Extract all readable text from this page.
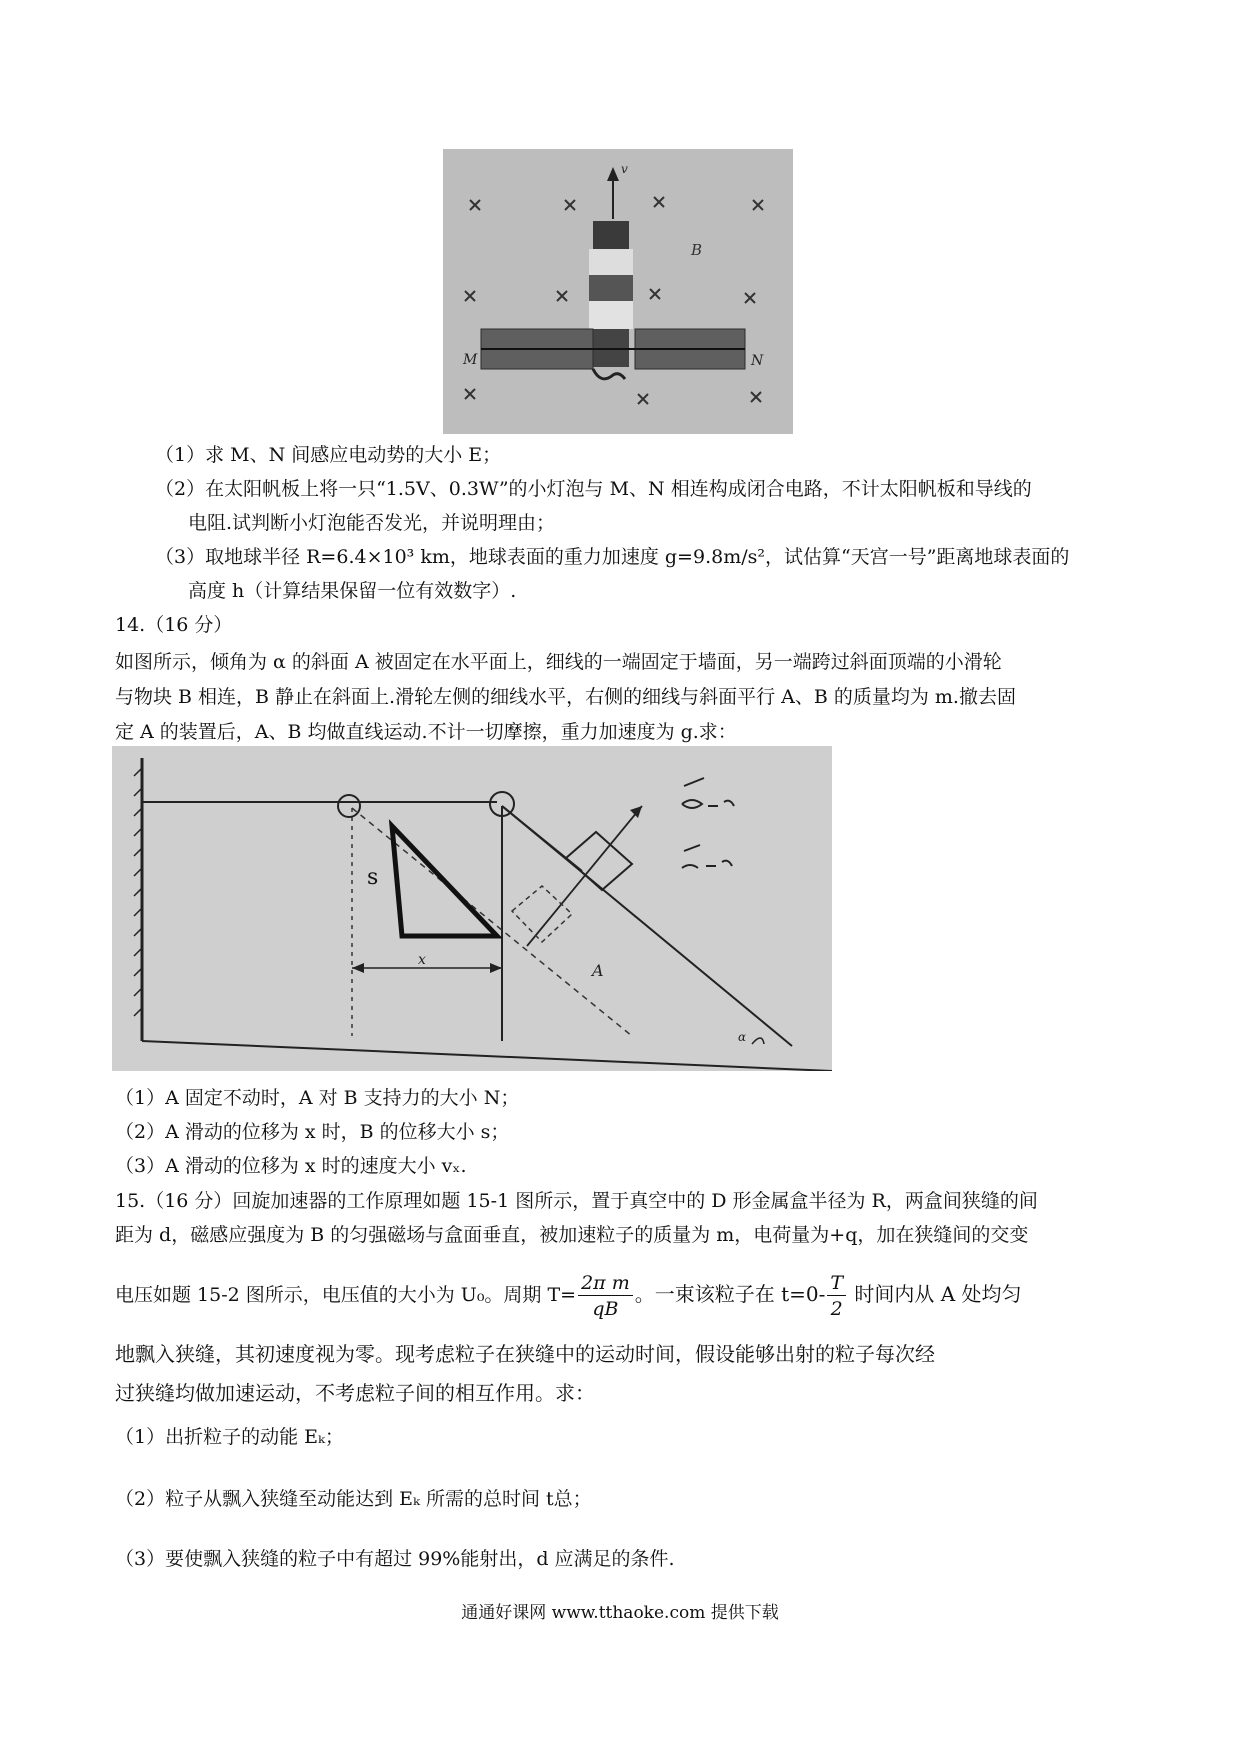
v
B
M	N
（1）求 M、N 间感应电动势的大小 E；
（2）在太阳帆板上将一只“1.5V、0.3W”的小灯泡与 M、N 相连构成闭合电路，不计太阳帆板和导线的
电阻.试判断小灯泡能否发光，并说明理由；
（3）取地球半径 R=6.4×10³ km，地球表面的重力加速度 g=9.8m/s²，试估算“天宫一号”距离地球表面的
高度 h（计算结果保留一位有效数字）.
14.（16 分）
如图所示，倾角为 α 的斜面 A 被固定在水平面上，细线的一端固定于墙面，另一端跨过斜面顶端的小滑轮
与物块 B 相连，B 静止在斜面上.滑轮左侧的细线水平，右侧的细线与斜面平行 A、B 的质量均为 m.撤去固
定 A 的装置后，A、B 均做直线运动.不计一切摩擦，重力加速度为 g.求：
s
x
A
α
（1）A 固定不动时，A 对 B 支持力的大小 N；
（2）A 滑动的位移为 x 时，B 的位移大小 s；
（3）A 滑动的位移为 x 时的速度大小 vₓ.
15.（16 分）回旋加速器的工作原理如题 15-1 图所示，置于真空中的 D 形金属盒半径为 R，两盒间狭缝的间
距为 d，磁感应强度为 B 的匀强磁场与盒面垂直，被加速粒子的质量为 m，电荷量为+q，加在狭缝间的交变
电压如题 15-2 图所示，电压值的大小为 U₀。周期 $T= \frac{\text{2π m}}{qB}$ 。一束该粒子在 $t=0- \frac{T}{2}$ 时间内从 A 处均匀
地飘入狭缝，其初速度视为零。现考虑粒子在狭缝中的运动时间，假设能够出射的粒子每次经
过狭缝均做加速运动，不考虑粒子间的相互作用。求：
（1）出折粒子的动能 Eₖ；
（2）粒子从飘入狭缝至动能达到 Eₖ 所需的总时间 t总；
（3）要使飘入狭缝的粒子中有超过 99%能射出，d 应满足的条件.
通通好课网 www.tthaoke.com 提供下载
